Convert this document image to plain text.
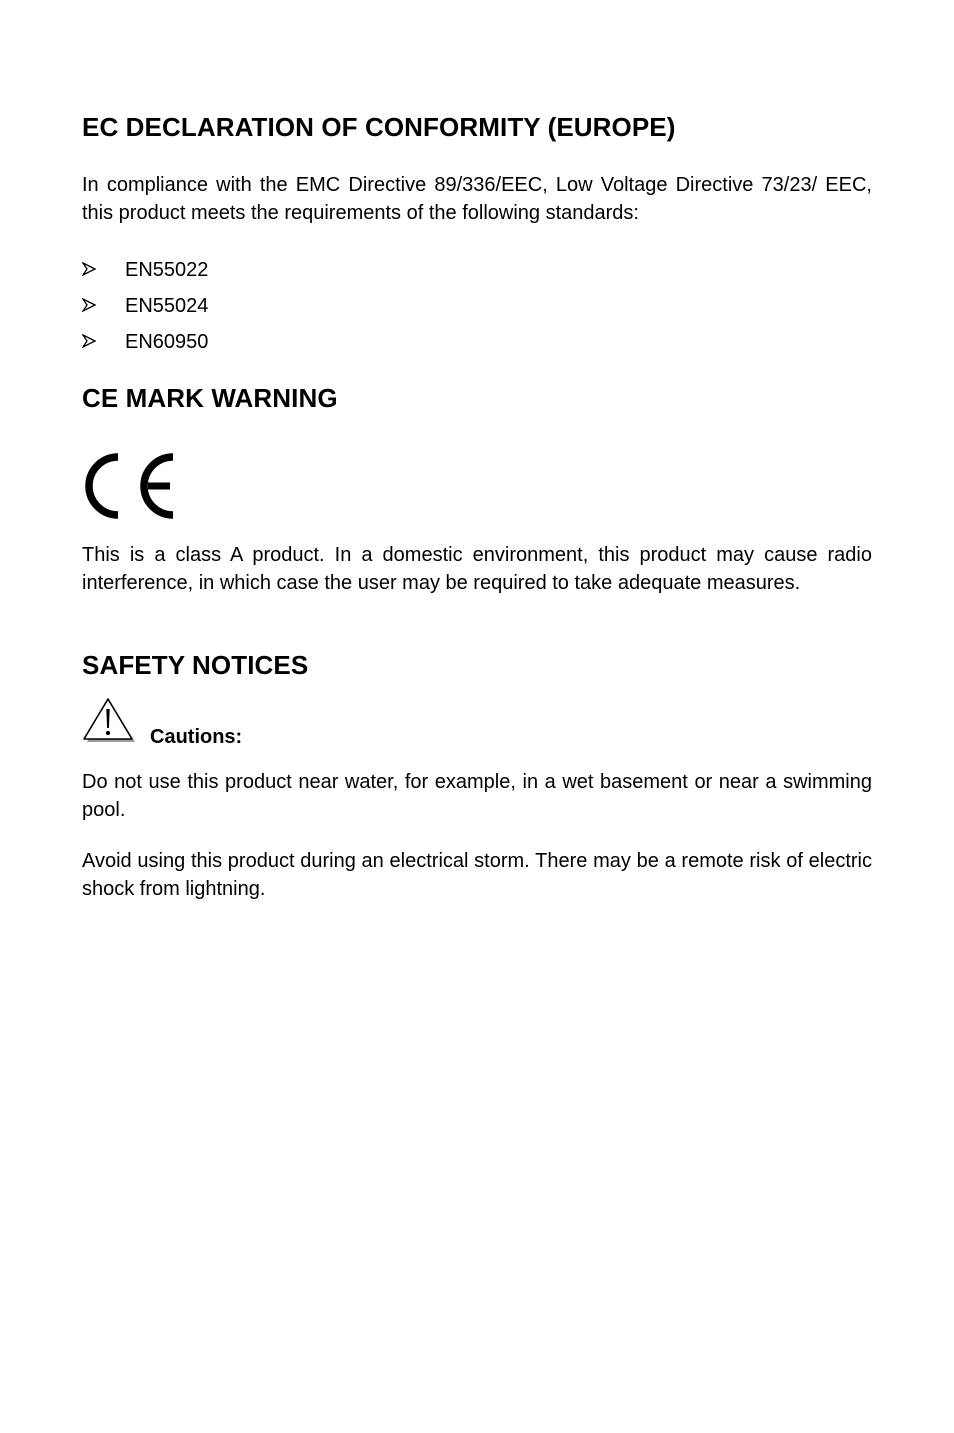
EC DECLARATION OF CONFORMITY (EUROPE)

In compliance with the EMC Directive 89/336/EEC, Low Voltage Directive 73/23/ EEC, this product meets the requirements of the following standards:

EN55022
EN55024
EN60950
CE MARK WARNING

This is a class A product. In a domestic environment, this product may cause radio interference, in which case the user may be required to take adequate measures.

SAFETY NOTICES
Cautions:

Do not use this product near water, for example, in a wet basement or near a swimming pool.

Avoid using this product during an electrical storm. There may be a remote risk of electric shock from lightning.
